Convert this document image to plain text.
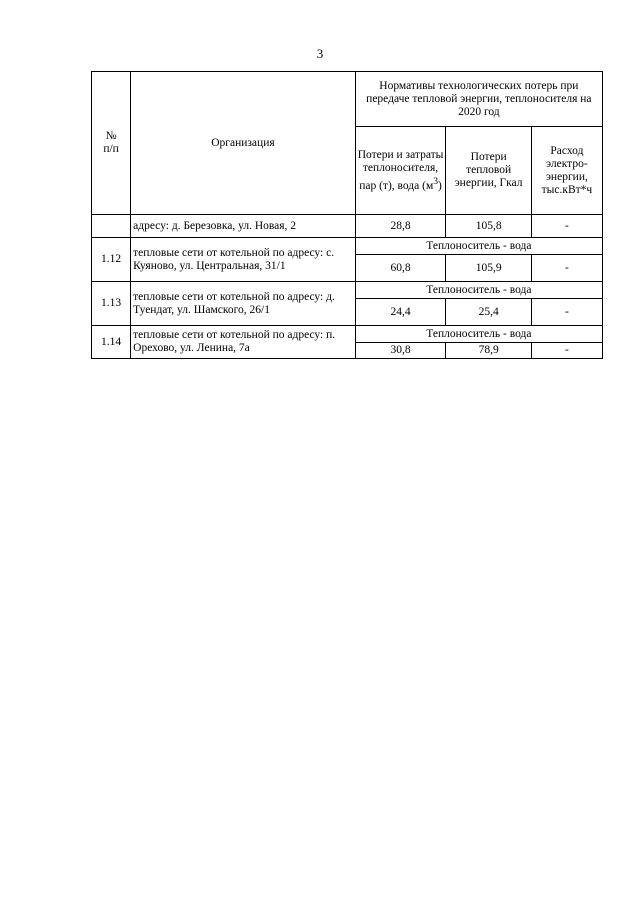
3
№
п/п	Организация	Нормативы технологических потерь при передаче тепловой энергии, теплоносителя на 2020 год		
		Потери и затраты теплоносителя, пар (т), вода $(м^3)$	Потери тепловой энергии, Гкал	Расход электро- энергии, тыс.кВт*ч
	адресу: д. Березовка, ул. Новая, 2	28,8	105,8	-
1.12	тепловые сети от котельной по адресу: с. Куяново, ул. Центральная, 31/1	Теплоноситель - вода		
		60,8	105,9	-
1.13	тепловые сети от котельной по адресу: д. Туендат, ул. Шамского, 26/1	Теплоноситель - вода		
		24,4	25,4	-
1.14	тепловые сети от котельной по адресу: п. Орехово, ул. Ленина, 7а	Теплоноситель - вода		
		30,8	78,9	-
